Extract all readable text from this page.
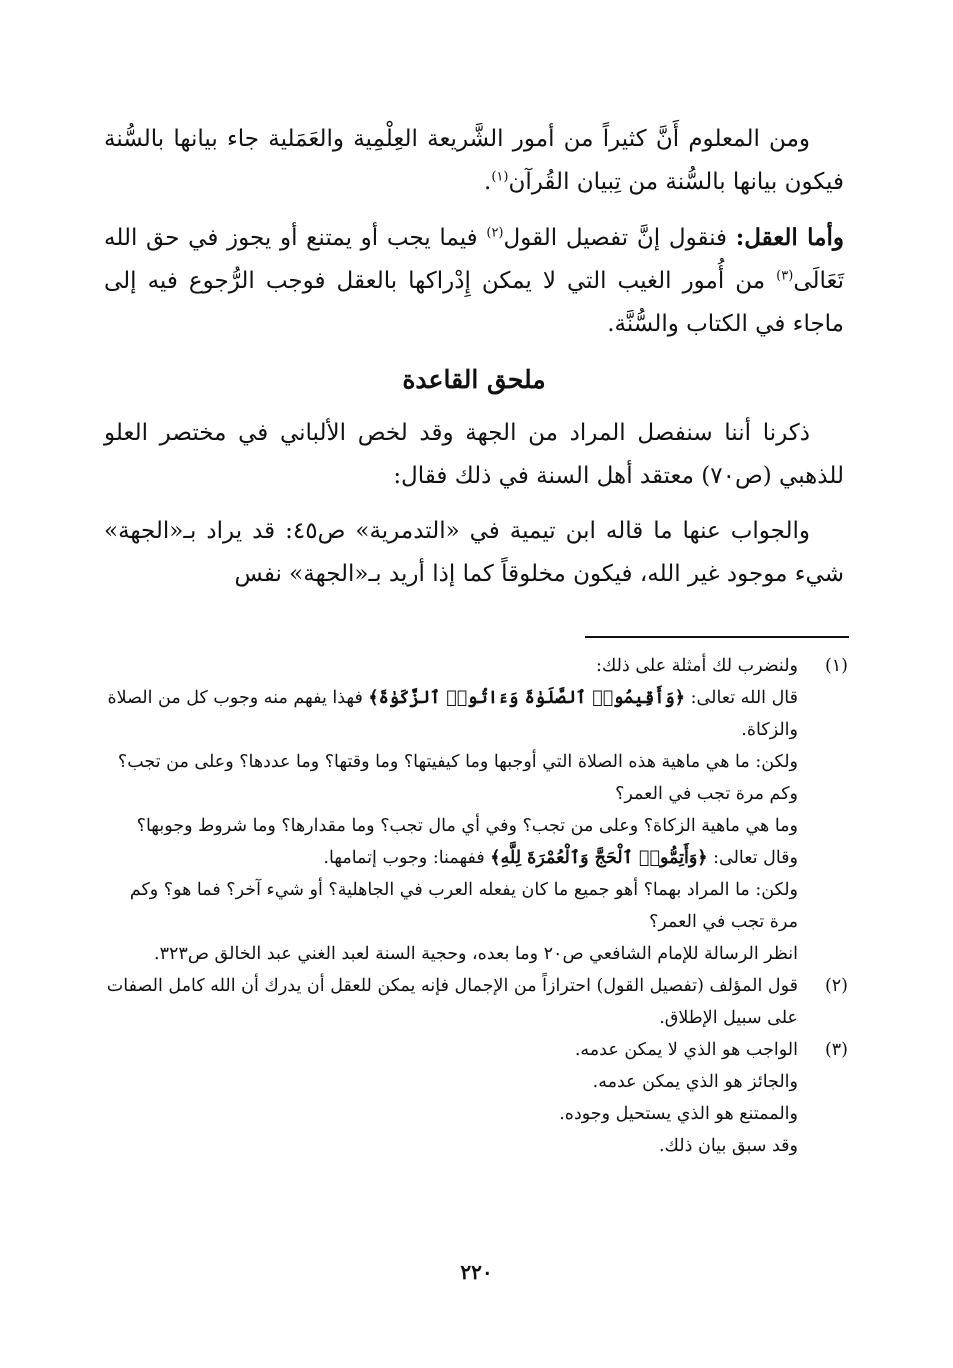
ومن المعلوم أَنَّ كثيراً من أمور الشَّريعة العِلْمِية والعَمَلية جاء بيانها بالسُّنة فيكون بيانها بالسُّنة من تِبيان القُرآن$^{(١)}$.

وأما العقل: فنقول إنَّ تفصيل القول$^{(٢)}$ فيما يجب أو يمتنع أو يجوز في حق الله تَعَالَى$^{(٣)}$ من أُمور الغيب التي لا يمكن إِدْراكها بالعقل فوجب الرُّجوع فيه إلى ماجاء في الكتاب والسُّنَّة.

ملحق القاعدة

ذكرنا أننا سنفصل المراد من الجهة وقد لخص الألباني في مختصر العلو للذهبي (ص٧٠) معتقد أهل السنة في ذلك فقال:

والجواب عنها ما قاله ابن تيمية في «التدمرية» ص٤٥: قد يراد بـ«الجهة» شيء موجود غير الله، فيكون مخلوقاً كما إذا أريد بـ«الجهة» نفس

(١)
ولنضرب لك أمثلة على ذلك:
قال الله تعالى: ﴿وَأَقِيمُوا۟ ٱلصَّلَوٰةَ وَءَاتُوا۟ ٱلزَّكَوٰةَ﴾ فهذا يفهم منه وجوب كل من الصلاة والزكاة.
ولكن: ما هي ماهية هذه الصلاة التي أوجبها وما كيفيتها؟ وما وقتها؟ وما عددها؟ وعلى من تجب؟ وكم مرة تجب في العمر؟
وما هي ماهية الزكاة؟ وعلى من تجب؟ وفي أي مال تجب؟ وما مقدارها؟ وما شروط وجوبها؟
وقال تعالى: ﴿وَأَتِمُّوا۟ ٱلْحَجَّ وَٱلْعُمْرَةَ لِلَّهِ﴾ ففهمنا: وجوب إتمامها.
ولكن: ما المراد بهما؟ أهو جميع ما كان يفعله العرب في الجاهلية؟ أو شيء آخر؟ فما هو؟ وكم مرة تجب في العمر؟
انظر الرسالة للإمام الشافعي ص٢٠ وما بعده، وحجية السنة لعبد الغني عبد الخالق ص٣٢٣.
(٢)
قول المؤلف (تفصيل القول) احترازاً من الإجمال فإنه يمكن للعقل أن يدرك أن الله كامل الصفات على سبيل الإطلاق.
(٣)
الواجب هو الذي لا يمكن عدمه.
والجائز هو الذي يمكن عدمه.
والممتنع هو الذي يستحيل وجوده.
وقد سبق بيان ذلك.
٢٢٠
